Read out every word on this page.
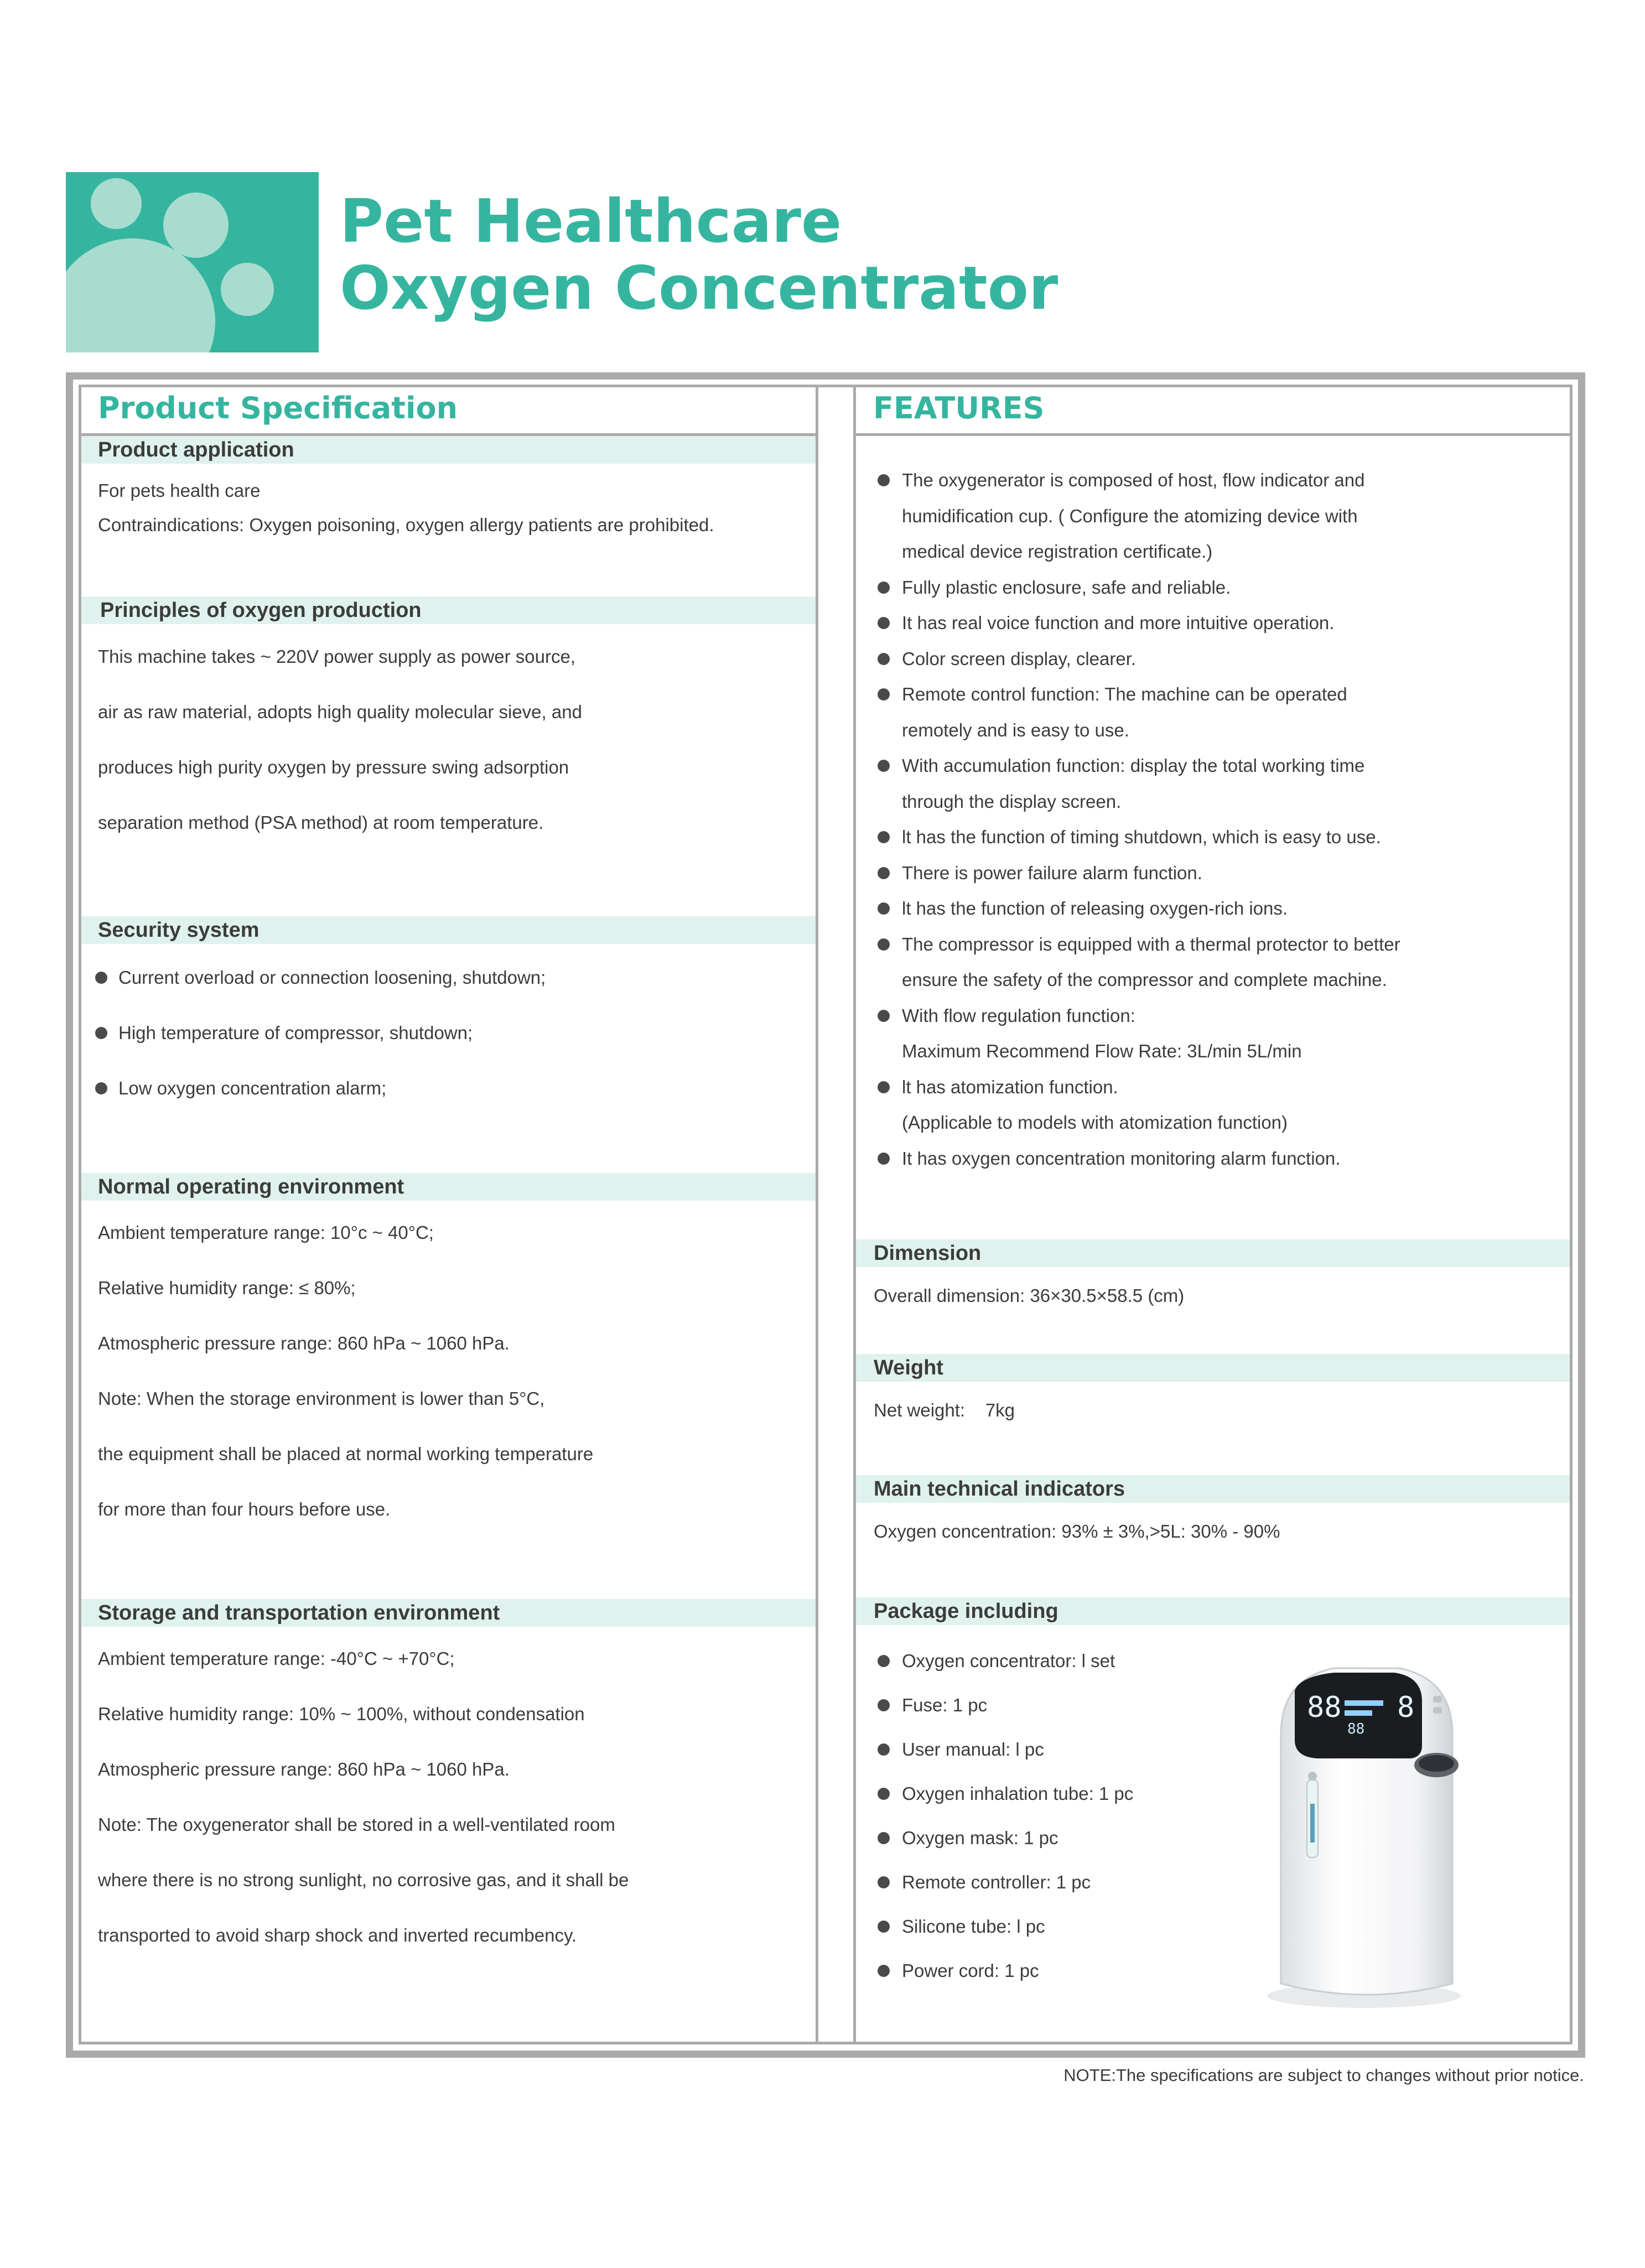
Pet Healthcare
Oxygen Concentrator
Product Specification	FEATURES
Product application

For pets health care

Contraindications: Oxygen poisoning, oxygen allergy patients are prohibited.

Principles of oxygen production

This machine takes ~ 220V power supply as power source,

air as raw material, adopts high quality molecular sieve, and

produces high purity oxygen by pressure swing adsorption

separation method (PSA method) at room temperature.

Security system
Current overload or connection loosening, shutdown;
High temperature of compressor, shutdown;
Low oxygen concentration alarm;
Normal operating environment

Ambient temperature range: 10°c ~ 40°C;

Relative humidity range: ≤ 80%;

Atmospheric pressure range: 860 hPa ~ 1060 hPa.

Note: When the storage environment is lower than 5°C,

the equipment shall be placed at normal working temperature

for more than four hours before use.

Storage and transportation environment

Ambient temperature range: -40°C ~ +70°C;

Relative humidity range: 10% ~ 100%, without condensation

Atmospheric pressure range: 860 hPa ~ 1060 hPa.

Note: The oxygenerator shall be stored in a well-ventilated room

where there is no strong sunlight, no corrosive gas, and it shall be

transported to avoid sharp shock and inverted recumbency.

The oxygenerator is composed of host, flow indicator and
humidification cup. ( Configure the atomizing device with
medical device registration certificate.)
Fully plastic enclosure, safe and reliable.
It has real voice function and more intuitive operation.
Color screen display, clearer.
Remote control function: The machine can be operated
remotely and is easy to use.
With accumulation function: display the total working time
through the display screen.
lt has the function of timing shutdown, which is easy to use.
There is power failure alarm function.
lt has the function of releasing oxygen-rich ions.
The compressor is equipped with a thermal protector to better
ensure the safety of the compressor and complete machine.
With flow regulation function:
Maximum Recommend Flow Rate: 3L/min 5L/min
lt has atomization function.
(Applicable to models with atomization function)
It has oxygen concentration monitoring alarm function.
Dimension

Overall dimension: 36×30.5×58.5 (cm)

Weight

Net weight:    7kg

Main technical indicators

Oxygen concentration: 93% ± 3%,>5L: 30% - 90%

Package including
Oxygen concentrator: l set
Fuse: 1 pc
User manual: l pc
Oxygen inhalation tube: 1 pc
Oxygen mask: 1 pc
Remote controller: 1 pc
Silicone tube: l pc
Power cord: 1 pc
88
88
8

NOTE:The specifications are subject to changes without prior notice.
